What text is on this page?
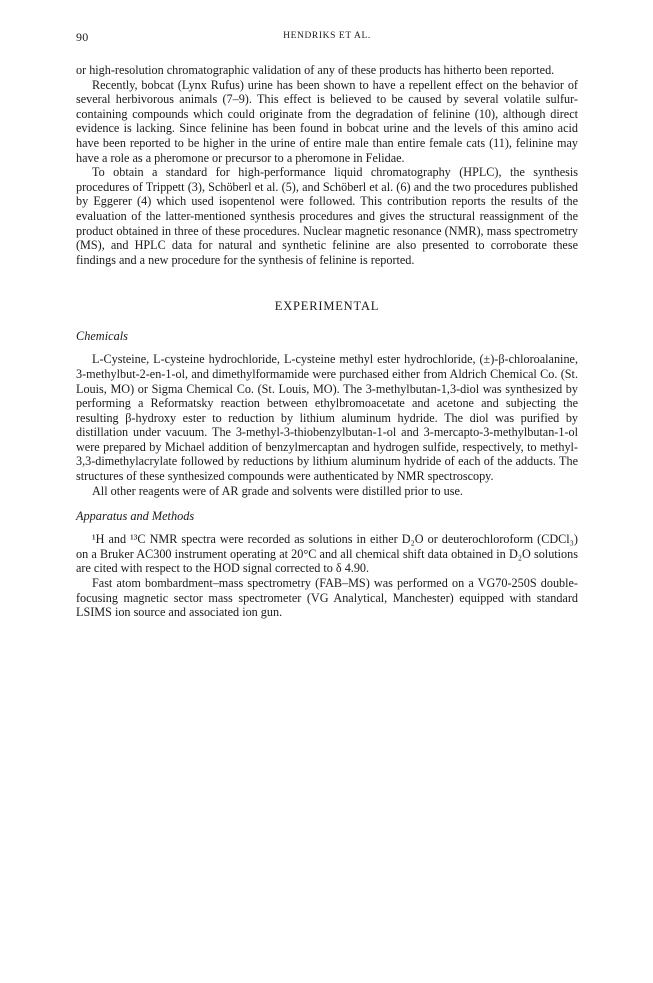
90	HENDRIKS ET AL.

or high-resolution chromatographic validation of any of these products has hitherto been reported.

Recently, bobcat (Lynx Rufus) urine has been shown to have a repellent effect on the behavior of several herbivorous animals (7–9). This effect is believed to be caused by several volatile sulfur-containing compounds which could originate from the degradation of felinine (10), although direct evidence is lacking. Since felinine has been found in bobcat urine and the levels of this amino acid have been reported to be higher in the urine of entire male than entire female cats (11), felinine may have a role as a pheromone or precursor to a pheromone in Felidae.

To obtain a standard for high-performance liquid chromatography (HPLC), the synthesis procedures of Trippett (3), Schöberl et al. (5), and Schöberl et al. (6) and the two procedures published by Eggerer (4) which used isopentenol were followed. This contribution reports the results of the evaluation of the latter-mentioned synthesis procedures and gives the structural reassignment of the product obtained in three of these procedures. Nuclear magnetic resonance (NMR), mass spectrometry (MS), and HPLC data for natural and synthetic felinine are also presented to corroborate these findings and a new procedure for the synthesis of felinine is reported.

EXPERIMENTAL
Chemicals

L-Cysteine, L-cysteine hydrochloride, L-cysteine methyl ester hydrochloride, (±)-β-chloroalanine, 3-methylbut-2-en-1-ol, and dimethylformamide were purchased either from Aldrich Chemical Co. (St. Louis, MO) or Sigma Chemical Co. (St. Louis, MO). The 3-methylbutan-1,3-diol was synthesized by performing a Reformatsky reaction between ethylbromoacetate and acetone and subjecting the resulting β-hydroxy ester to reduction by lithium aluminum hydride. The diol was purified by distillation under vacuum. The 3-methyl-3-thiobenzylbutan-1-ol and 3-mercapto-3-methylbutan-1-ol were prepared by Michael addition of benzylmercaptan and hydrogen sulfide, respectively, to methyl-3,3-dimethylacrylate followed by reductions by lithium aluminum hydride of each of the adducts. The structures of these synthesized compounds were authenticated by NMR spectroscopy.

All other reagents were of AR grade and solvents were distilled prior to use.

Apparatus and Methods

¹H and ¹³C NMR spectra were recorded as solutions in either D₂O or deuterochloroform (CDCl₃) on a Bruker AC300 instrument operating at 20°C and all chemical shift data obtained in D₂O solutions are cited with respect to the HOD signal corrected to δ 4.90.

Fast atom bombardment–mass spectrometry (FAB–MS) was performed on a VG70-250S double-focusing magnetic sector mass spectrometer (VG Analytical, Manchester) equipped with standard LSIMS ion source and associated ion gun.
